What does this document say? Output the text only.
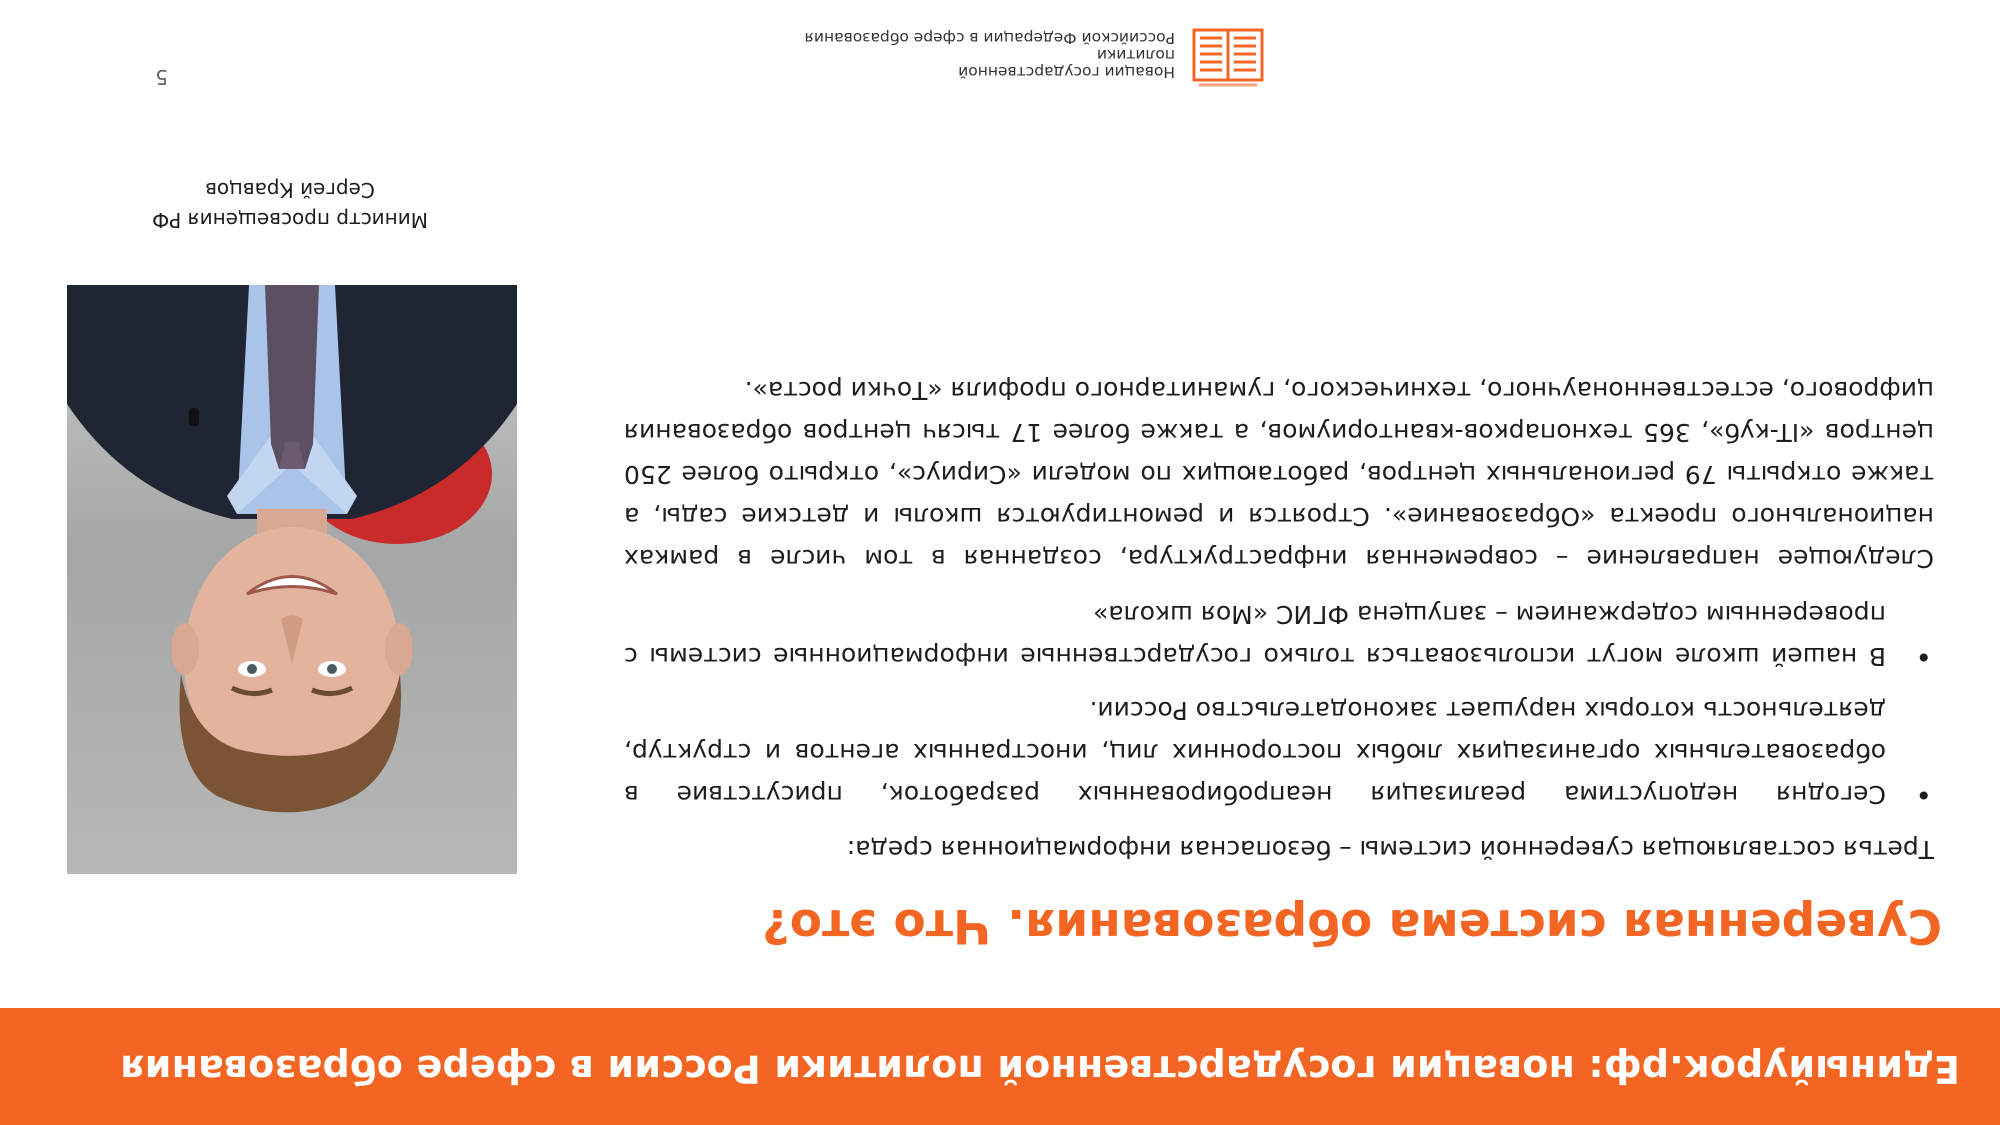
Единыйурок.рф: новации государственной политики России в сфере образования
Суверенная система образования. Что это?

Третья составляющая суверенной системы – безопасная информационная среда:

• Сегодня недопустима реализация неапробированных разработок, присутствие в образовательных организациях любых посторонних лиц, иностранных агентов и структур, деятельность которых нарушает законодательство России.
• В нашей школе могут использоваться только государственные информационные системы с проверенным содержанием – запущена ФГИС «Моя школа»

Следующее направление – современная инфраструктура, созданная в том числе в рамках национального проекта «Образование». Строятся и ремонтируются школы и детские сады, а также открыты 79 региональных центров, работающих по модели «Сириус», открыто более 250 центров «IT-куб», 365 технопарков-кванториумов, а также более 17 тысяч центров образования цифрового, естественнонаучного, технического, гуманитарного профиля «Точки роста».

Министр просвещения РФ
Сергей Кравцов
Новации государственной
политики
Российской Федерации в сфере образования
5
